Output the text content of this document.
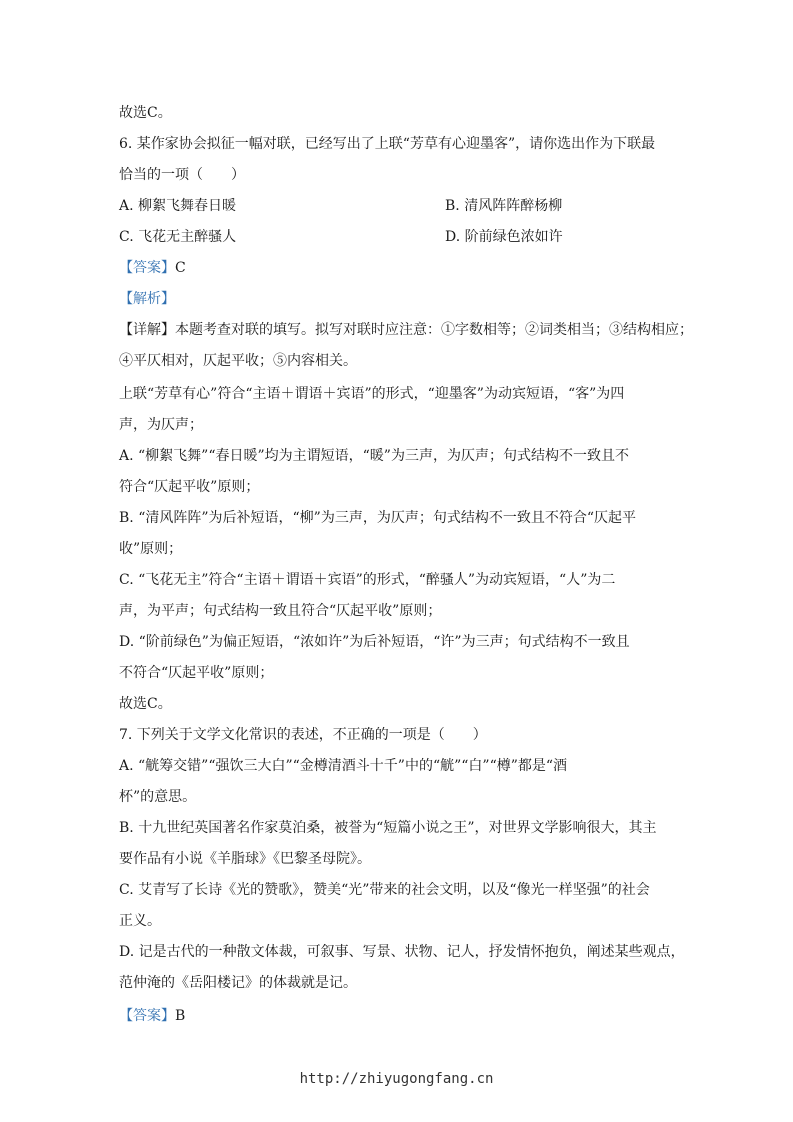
故选C。
6. 某作家协会拟征一幅对联，已经写出了上联“芳草有心迎墨客”，请你选出作为下联最
恰当的一项（　　）
A. 柳絮飞舞春日暖	B. 清风阵阵醉杨柳
C. 飞花无主醉骚人	D. 阶前绿色浓如许
【答案】C
【解析】
【详解】本题考查对联的填写。拟写对联时应注意：①字数相等；②词类相当；③结构相应；
④平仄相对，仄起平收；⑤内容相关。
上联“芳草有心”符合“主语＋谓语＋宾语”的形式，“迎墨客”为动宾短语，“客”为四
声，为仄声；
A. “柳絮飞舞”“春日暖”均为主谓短语，“暖”为三声，为仄声；句式结构不一致且不
符合“仄起平收”原则；
B. “清风阵阵”为后补短语，“柳”为三声，为仄声；句式结构不一致且不符合“仄起平
收”原则；
C. “飞花无主”符合“主语＋谓语＋宾语”的形式，“醉骚人”为动宾短语，“人”为二
声，为平声；句式结构一致且符合“仄起平收”原则；
D. “阶前绿色”为偏正短语，“浓如许”为后补短语，“许”为三声；句式结构不一致且
不符合“仄起平收”原则；
故选C。
7. 下列关于文学文化常识的表述，不正确的一项是（　　）
A. “觥筹交错”“强饮三大白”“金樽清酒斗十千”中的“觥”“白”“樽”都是“酒
杯”的意思。
B. 十九世纪英国著名作家莫泊桑，被誉为“短篇小说之王”，对世界文学影响很大，其主
要作品有小说《羊脂球》《巴黎圣母院》。
C. 艾青写了长诗《光的赞歌》，赞美“光”带来的社会文明，以及“像光一样坚强”的社会
正义。
D. 记是古代的一种散文体裁，可叙事、写景、状物、记人，抒发情怀抱负，阐述某些观点，
范仲淹的《岳阳楼记》的体裁就是记。
【答案】B
http://zhiyugongfang.cn
